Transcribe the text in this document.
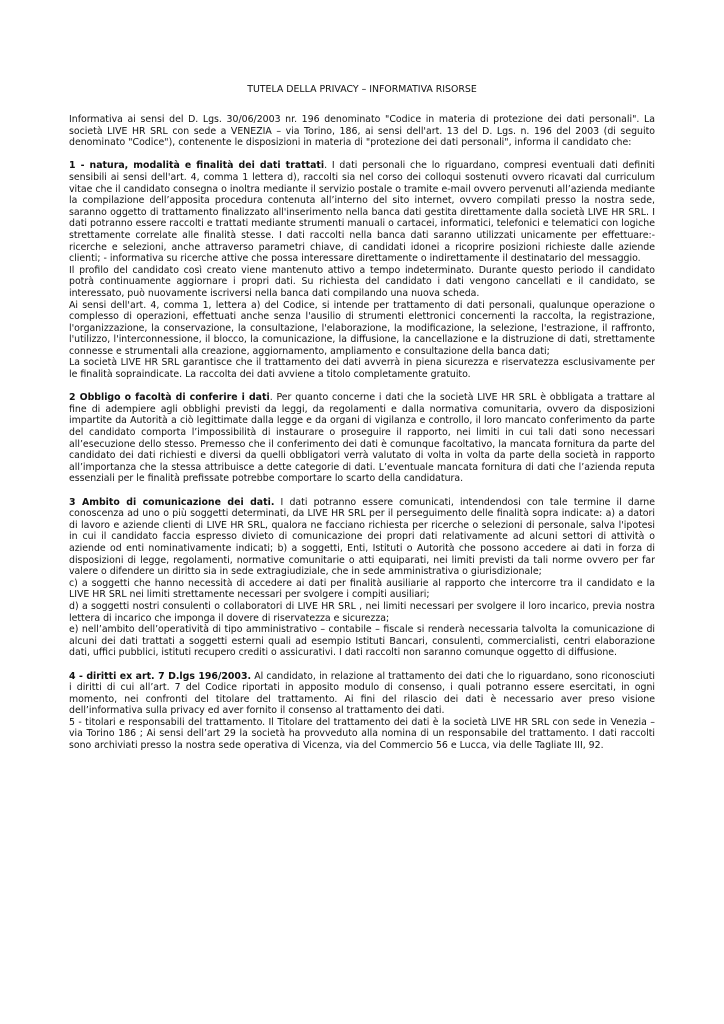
TUTELA DELLA PRIVACY – INFORMATIVA RISORSE

Informativa ai sensi del D. Lgs. 30/06/2003 nr. 196 denominato "Codice in materia di protezione dei dati personali". La società LIVE HR SRL con sede a VENEZIA – via Torino, 186, ai sensi dell'art. 13 del D. Lgs. n. 196 del 2003 (di seguito denominato "Codice"), contenente le disposizioni in materia di "protezione dei dati personali", informa il candidato che:

1 - natura, modalità e finalità dei dati trattati. I dati personali che lo riguardano, compresi eventuali dati definiti sensibili ai sensi dell'art. 4, comma 1 lettera d), raccolti sia nel corso dei colloqui sostenuti ovvero ricavati dal curriculum vitae che il candidato consegna o inoltra mediante il servizio postale o tramite e-mail ovvero pervenuti all’azienda mediante la compilazione dell’apposita procedura contenuta all’interno del sito internet, ovvero compilati presso la nostra sede, saranno oggetto di trattamento finalizzato all'inserimento nella banca dati gestita direttamente dalla società LIVE HR SRL. I dati potranno essere raccolti e trattati mediante strumenti manuali o cartacei, informatici, telefonici e telematici con logiche strettamente correlate alle finalità stesse. I dati raccolti nella banca dati saranno utilizzati unicamente per effettuare:- ricerche e selezioni, anche attraverso parametri chiave, di candidati idonei a ricoprire posizioni richieste dalle aziende clienti; - informativa su ricerche attive che possa interessare direttamente o indirettamente il destinatario del messaggio.

Il profilo del candidato così creato viene mantenuto attivo a tempo indeterminato. Durante questo periodo il candidato potrà continuamente aggiornare i propri dati. Su richiesta del candidato i dati vengono cancellati e il candidato, se interessato, può nuovamente iscriversi nella banca dati compilando una nuova scheda.

Ai sensi dell'art. 4, comma 1, lettera a) del Codice, si intende per trattamento di dati personali, qualunque operazione o complesso di operazioni, effettuati anche senza l'ausilio di strumenti elettronici concernenti la raccolta, la registrazione, l'organizzazione, la conservazione, la consultazione, l'elaborazione, la modificazione, la selezione, l'estrazione, il raffronto, l'utilizzo, l'interconnessione, il blocco, la comunicazione, la diffusione, la cancellazione e la distruzione di dati, strettamente connesse e strumentali alla creazione, aggiornamento, ampliamento e consultazione della banca dati;

La società LIVE HR SRL garantisce che il trattamento dei dati avverrà in piena sicurezza e riservatezza esclusivamente per le finalità sopraindicate. La raccolta dei dati avviene a titolo completamente gratuito.

2 Obbligo o facoltà di conferire i dati. Per quanto concerne i dati che la società LIVE HR SRL è obbligata a trattare al fine di adempiere agli obblighi previsti da leggi, da regolamenti e dalla normativa comunitaria, ovvero da disposizioni impartite da Autorità a ciò legittimate dalla legge e da organi di vigilanza e controllo, il loro mancato conferimento da parte del candidato comporta l’impossibilità di instaurare o proseguire il rapporto, nei limiti in cui tali dati sono necessari all’esecuzione dello stesso. Premesso che il conferimento dei dati è comunque facoltativo, la mancata fornitura da parte del candidato dei dati richiesti e diversi da quelli obbligatori verrà valutato di volta in volta da parte della società in rapporto all’importanza che la stessa attribuisce a dette categorie di dati. L’eventuale mancata fornitura di dati che l’azienda reputa essenziali per le finalità prefissate potrebbe comportare lo scarto della candidatura.

3 Ambito di comunicazione dei dati. I dati potranno essere comunicati, intendendosi con tale termine il darne conoscenza ad uno o più soggetti determinati, da LIVE HR SRL per il perseguimento delle finalità sopra indicate: a) a datori di lavoro e aziende clienti di LIVE HR SRL, qualora ne facciano richiesta per ricerche o selezioni di personale, salva l'ipotesi in cui il candidato faccia espresso divieto di comunicazione dei propri dati relativamente ad alcuni settori di attività o aziende od enti nominativamente indicati; b) a soggetti, Enti, Istituti o Autorità che possono accedere ai dati in forza di disposizioni di legge, regolamenti, normative comunitarie o atti equiparati, nei limiti previsti da tali norme ovvero per far valere o difendere un diritto sia in sede extragiudiziale, che in sede amministrativa o giurisdizionale;

c) a soggetti che hanno necessità di accedere ai dati per finalità ausiliarie al rapporto che intercorre tra il candidato e la LIVE HR SRL nei limiti strettamente necessari per svolgere i compiti ausiliari;

d) a soggetti nostri consulenti o collaboratori di LIVE HR SRL , nei limiti necessari per svolgere il loro incarico, previa nostra lettera di incarico che imponga il dovere di riservatezza e sicurezza;

e) nell’ambito dell’operatività di tipo amministrativo – contabile – fiscale si renderà necessaria talvolta la comunicazione di alcuni dei dati trattati a soggetti esterni quali ad esempio Istituti Bancari, consulenti, commercialisti, centri elaborazione dati, uffici pubblici, istituti recupero crediti o assicurativi. I dati raccolti non saranno comunque oggetto di diffusione.

4 - diritti ex art. 7 D.lgs 196/2003. Al candidato, in relazione al trattamento dei dati che lo riguardano, sono riconosciuti i diritti di cui all’art. 7 del Codice riportati in apposito modulo di consenso, i quali potranno essere esercitati, in ogni momento, nei confronti del titolare del trattamento. Ai fini del rilascio dei dati è necessario aver preso visione dell’informativa sulla privacy ed aver fornito il consenso al trattamento dei dati.

5 - titolari e responsabili del trattamento. Il Titolare del trattamento dei dati è la società LIVE HR SRL con sede in Venezia – via Torino 186 ; Ai sensi dell’art 29 la società ha provveduto alla nomina di un responsabile del trattamento. I dati raccolti sono archiviati presso la nostra sede operativa di Vicenza, via del Commercio 56 e Lucca, via delle Tagliate III, 92.
